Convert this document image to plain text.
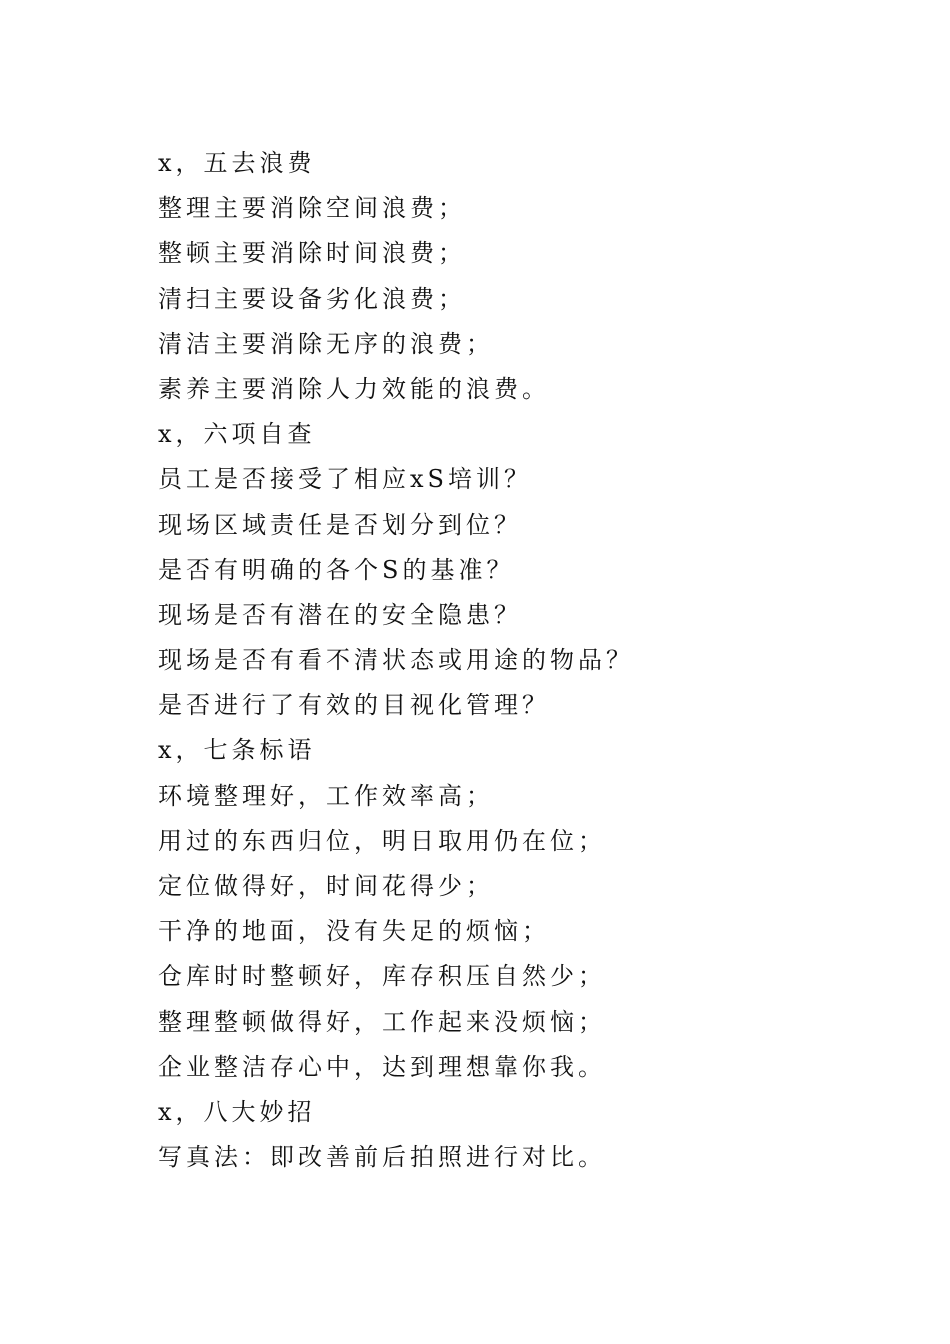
x，五去浪费
整理主要消除空间浪费；
整顿主要消除时间浪费；
清扫主要设备劣化浪费；
清洁主要消除无序的浪费；
素养主要消除人力效能的浪费。
x，六项自查
员工是否接受了相应xS培训？
现场区域责任是否划分到位？
是否有明确的各个S的基准？
现场是否有潜在的安全隐患？
现场是否有看不清状态或用途的物品？
是否进行了有效的目视化管理？
x，七条标语
环境整理好，工作效率高；
用过的东西归位，明日取用仍在位；
定位做得好，时间花得少；
干净的地面，没有失足的烦恼；
仓库时时整顿好，库存积压自然少；
整理整顿做得好，工作起来没烦恼；
企业整洁存心中，达到理想靠你我。
x，八大妙招
写真法：即改善前后拍照进行对比。
